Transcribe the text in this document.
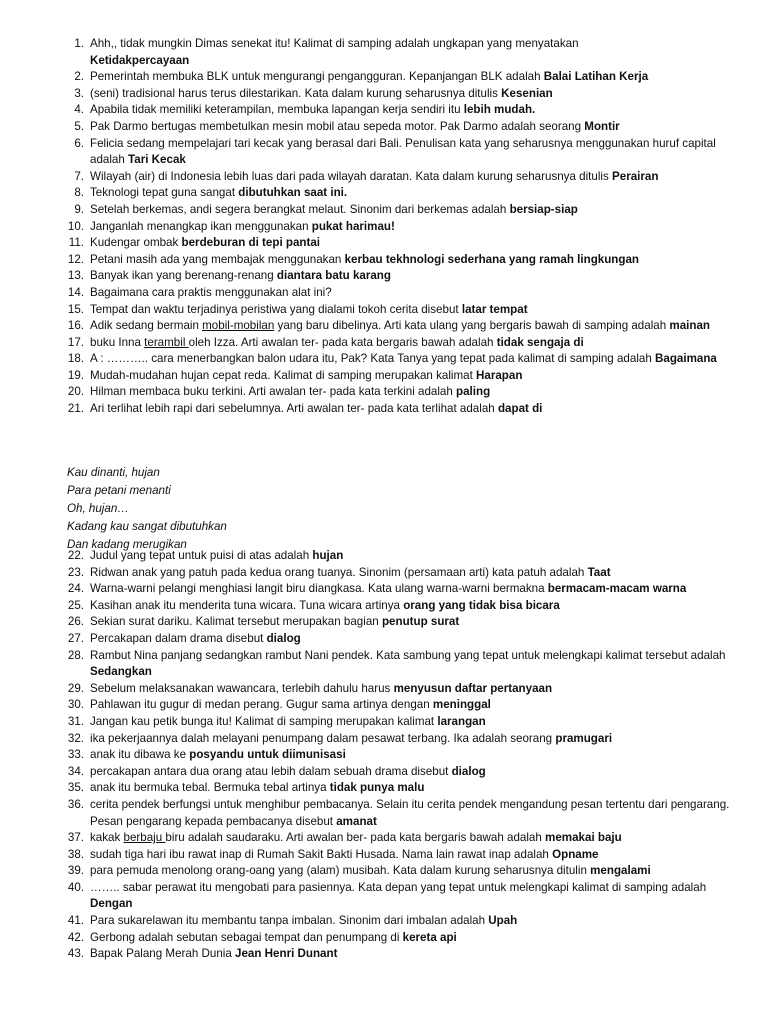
1. Ahh,, tidak mungkin Dimas senekat itu! Kalimat di samping adalah ungkapan yang menyatakan
Ketidakpercayaan
2. Pemerintah membuka BLK untuk mengurangi pengangguran. Kepanjangan BLK adalah Balai Latihan Kerja
3. (seni) tradisional harus terus dilestarikan. Kata dalam kurung seharusnya ditulis Kesenian
4. Apabila tidak memiliki keterampilan, membuka lapangan kerja sendiri itu lebih mudah.
5. Pak Darmo bertugas membetulkan mesin mobil atau sepeda motor. Pak Darmo adalah seorang Montir
6. Felicia sedang mempelajari tari kecak yang berasal dari Bali. Penulisan kata yang seharusnya menggunakan huruf capital adalah Tari Kecak
7. Wilayah (air) di Indonesia lebih luas dari pada wilayah daratan. Kata dalam kurung seharusnya ditulis Perairan
8. Teknologi tepat guna sangat dibutuhkan saat ini.
9. Setelah berkemas, andi segera berangkat melaut. Sinonim dari berkemas adalah bersiap-siap
10. Janganlah menangkap ikan menggunakan pukat harimau!
11. Kudengar ombak berdeburan di tepi pantai
12. Petani masih ada yang membajak menggunakan kerbau tekhnologi sederhana yang ramah lingkungan
13. Banyak ikan yang berenang-renang diantara batu karang
14. Bagaimana cara praktis menggunakan alat ini?
15. Tempat dan waktu terjadinya peristiwa yang dialami tokoh cerita disebut latar tempat
16. Adik sedang bermain mobil-mobilan yang baru dibelinya. Arti kata ulang yang bergaris bawah di samping adalah mainan
17. buku Inna terambil oleh Izza. Arti awalan ter- pada kata bergaris bawah adalah tidak sengaja di
18. A : ……….. cara menerbangkan balon udara itu, Pak? Kata Tanya yang tepat pada kalimat di samping adalah Bagaimana
19. Mudah-mudahan hujan cepat reda. Kalimat di samping merupakan kalimat Harapan
20. Hilman membaca buku terkini. Arti awalan ter- pada kata terkini adalah paling
21. Ari terlihat lebih rapi dari sebelumnya. Arti awalan ter- pada kata terlihat adalah dapat di
Kau dinanti, hujan
Para petani menanti
Oh, hujan…
Kadang kau sangat dibutuhkan
Dan kadang merugikan
22. Judul yang tepat untuk puisi di atas adalah hujan
23. Ridwan anak yang patuh pada kedua orang tuanya. Sinonim (persamaan arti) kata patuh adalah Taat
24. Warna-warni pelangi menghiasi langit biru diangkasa. Kata ulang warna-warni bermakna bermacam-macam warna
25. Kasihan anak itu menderita tuna wicara. Tuna wicara artinya orang yang tidak bisa bicara
26. Sekian surat dariku. Kalimat tersebut merupakan bagian penutup surat
27. Percakapan dalam drama disebut dialog
28. Rambut Nina panjang sedangkan rambut Nani pendek. Kata sambung yang tepat untuk melengkapi kalimat tersebut adalah Sedangkan
29. Sebelum melaksanakan wawancara, terlebih dahulu harus menyusun daftar pertanyaan
30. Pahlawan itu gugur di medan perang. Gugur sama artinya dengan meninggal
31. Jangan kau petik bunga itu! Kalimat di samping merupakan kalimat larangan
32. ika pekerjaannya dalah melayani penumpang dalam pesawat terbang. Ika adalah seorang pramugari
33. anak itu dibawa ke posyandu untuk diimunisasi
34. percakapan antara dua orang atau lebih dalam sebuah drama disebut dialog
35. anak itu bermuka tebal. Bermuka tebal artinya tidak punya malu
36. cerita pendek berfungsi untuk menghibur pembacanya. Selain itu cerita pendek mengandung pesan tertentu dari pengarang. Pesan pengarang kepada pembacanya disebut amanat
37. kakak berbaju biru adalah saudaraku. Arti awalan ber- pada kata bergaris bawah adalah memakai baju
38. sudah tiga hari ibu rawat inap di Rumah Sakit Bakti Husada. Nama lain rawat inap adalah Opname
39. para pemuda menolong orang-oang yang (alam) musibah. Kata dalam kurung seharusnya ditulin mengalami
40. …….. sabar perawat itu mengobati para pasiennya. Kata depan yang tepat untuk melengkapi kalimat di samping adalah Dengan
41. Para sukarelawan itu membantu tanpa imbalan. Sinonim dari imbalan adalah Upah
42. Gerbong adalah sebutan sebagai tempat dan penumpang di kereta api
43. Bapak Palang Merah Dunia Jean Henri Dunant
